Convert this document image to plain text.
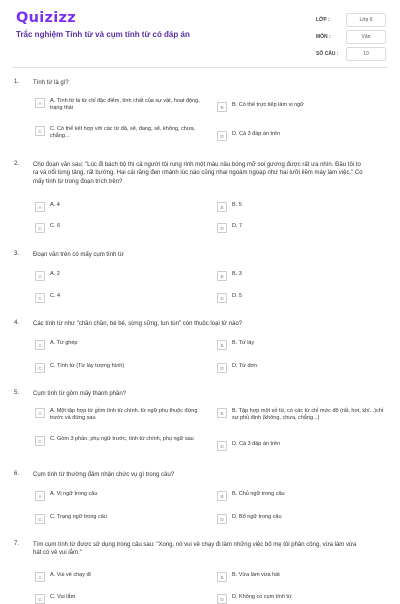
Quizizz
Trắc nghiệm Tính từ và cụm tính từ có đáp án
LỚP :	Lớp 6
MÔN :	Văn
SỐ CÂU :	10
1. Tính từ là gì?
A	A. Tính từ là từ chỉ đặc điểm, tính chất của sự vật, hoạt động, trạng thái	B	B. Có thể trực tiếp làm vị ngữ
C	C. Có thể kết hợp với các từ đã, sẽ, đang, sẽ, không, chưa, chẳng…	D	D. Cả 3 đáp án trên
2. Cho đoạn văn sau: "Lúc đi bách bộ thì cả người tôi rung rinh một màu nâu bóng mỡ soi gương được rất ưa nhìn. Đầu tôi to ra và nổi từng tảng, rất bướng. Hai cái răng đen nhánh lúc nào cũng nhai ngoàm ngoạp như hai lưỡi liềm máy làm việc." Có mấy tính từ trong đoạn trích trên?
A	A. 4	B	B. 5
C	C. 6	D	D. 7
3. Đoạn văn trên có mấy cụm tính từ
A	A. 2	B	B. 3
C	C. 4	D	D. 5
4. Các tính từ như "chần chần, bé bé, sừng sững, tun tún" còn thuộc loại từ nào?
A	A. Từ ghép	B	B. Từ láy
C	C. Tính từ (Từ láy tượng hình)	D	D. Từ đơn
5. Cụm tính từ gồm mấy thành phần?
A	A. Một tập hợp từ gồm tính từ chính, từ ngữ phụ thuộc đứng trước và đứng sau
B	B. Tập hợp một số từ, có các từ chỉ mức độ (rất, hơi, khí...)chỉ sự phủ định (không, chưa, chẳng...)
C	C. Gồm 3 phần, phụ ngữ trước, tính từ chính, phụ ngữ sau
D	D. Cả 3 đáp án trên
6. Cụm tính từ thường đảm nhận chức vụ gì trong câu?
A	A. Vị ngữ trong câu	B	B. Chủ ngữ trong câu
C	C. Trạng ngữ trong câu	D	D. Bổ ngữ trong câu
7. Tìm cụm tính từ được sử dụng trong câu sau: "Xong, nó vui vẻ chạy đi làm những việc bố mẹ tôi phân công, vừa làm vừa hát có vẻ vui lắm."
A	A. Vui vẻ chạy đi	B	B. Vừa làm vừa hát
C	C. Vui lắm	D	D. Không có cụm tính từ
